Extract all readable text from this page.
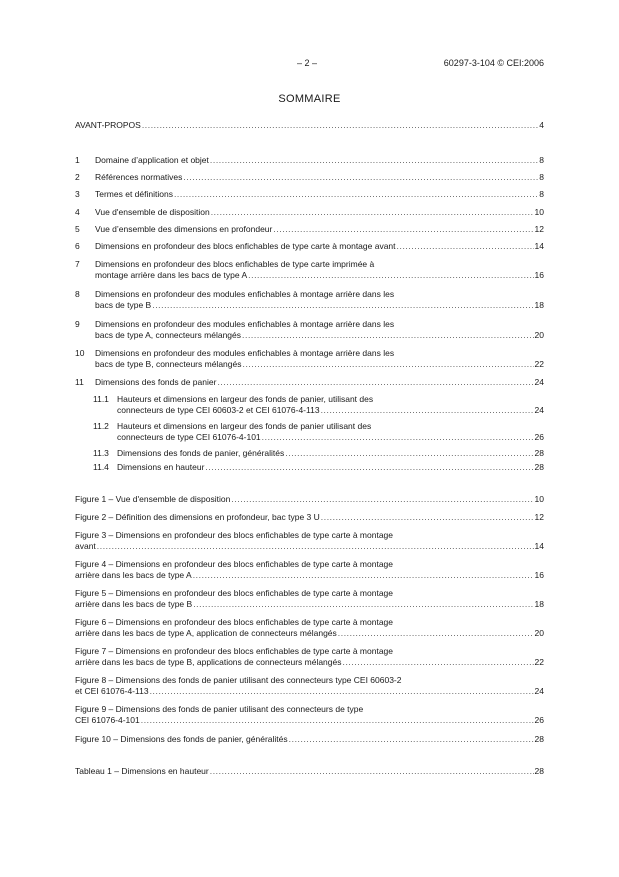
– 2 –	60297-3-104 © CEI:2006
SOMMAIRE
AVANT-PROPOS .....	4
1 Domaine d’application et objet .....	8
2 Références normatives .....	8
3 Termes et définitions .....	8
4 Vue d'ensemble de disposition .....	10
5 Vue d’ensemble des dimensions en profondeur .....	12
6 Dimensions en profondeur des blocs enfichables de type carte à montage avant .....	14
7 Dimensions en profondeur des blocs enfichables de type carte imprimée à
montage arrière dans les bacs de type A .....	16
8 Dimensions en profondeur des modules enfichables à montage arrière dans les
bacs de type B .....	18
9 Dimensions en profondeur des modules enfichables à montage arrière dans les
bacs de type A, connecteurs mélangés .....	20
10 Dimensions en profondeur des modules enfichables à montage arrière dans les
bacs de type B, connecteurs mélangés .....	22
11 Dimensions des fonds de panier .....	24
11.1 Hauteurs et dimensions en largeur des fonds de panier, utilisant des
connecteurs de type CEI 60603-2 et CEI 61076-4-113 .....	24
11.2 Hauteurs et dimensions en largeur des fonds de panier utilisant des
connecteurs de type CEI 61076-4-101 .....	26
11.3 Dimensions des fonds de panier, généralités .....	28
11.4 Dimensions en hauteur .....	28
Figure 1 – Vue d'ensemble de disposition .....	10
Figure 2 – Définition des dimensions en profondeur, bac type 3 U .....	12
Figure 3 – Dimensions en profondeur des blocs enfichables de type carte à montage
avant .....	14
Figure 4 – Dimensions en profondeur des blocs enfichables de type carte à montage
arrière dans les bacs de type A .....	16
Figure 5 – Dimensions en profondeur des blocs enfichables de type carte à montage
arrière dans les bacs de type B .....	18
Figure 6 – Dimensions en profondeur des blocs enfichables de type carte à montage
arrière dans les bacs de type A, application de connecteurs mélangés .....	20
Figure 7 – Dimensions en profondeur des blocs enfichables de type carte à montage
arrière dans les bacs de type B, applications de connecteurs mélangés .....	22
Figure 8 – Dimensions des fonds de panier utilisant des connecteurs type CEI 60603-2
et CEI 61076-4-113 .....	24
Figure 9 – Dimensions des fonds de panier utilisant des connecteurs de type
CEI 61076-4-101 .....	26
Figure 10 – Dimensions des fonds de panier, généralités .....	28
Tableau 1 – Dimensions en hauteur .....	28
